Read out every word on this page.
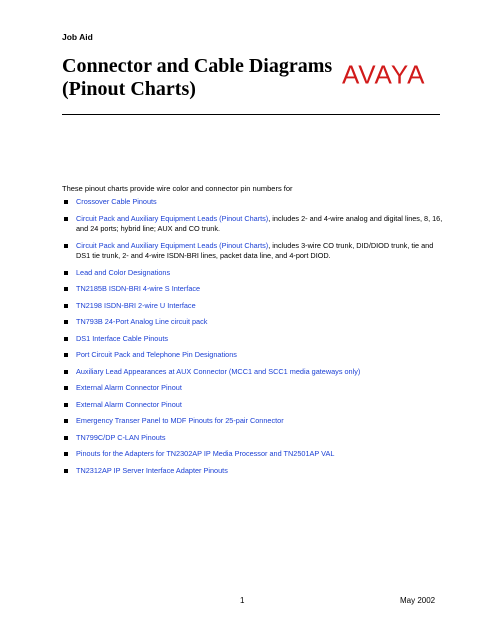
Job Aid
Connector and Cable Diagrams
(Pinout Charts)	AVAYA
These pinout charts provide wire color and connector pin numbers for
Crossover Cable Pinouts
Circuit Pack and Auxiliary Equipment Leads (Pinout Charts), includes 2- and 4-wire analog and digital lines, 8, 16, and 24 ports; hybrid line; AUX and CO trunk.
Circuit Pack and Auxiliary Equipment Leads (Pinout Charts), includes 3-wire CO trunk, DID/DIOD trunk, tie and DS1 tie trunk, 2- and 4-wire ISDN-BRI lines, packet data line, and 4-port DIOD.
Lead and Color Designations
TN2185B ISDN-BRI 4-wire S Interface
TN2198 ISDN-BRI 2-wire U Interface
TN793B 24-Port Analog Line circuit pack
DS1 Interface Cable Pinouts
Port Circuit Pack and Telephone Pin Designations
Auxiliary Lead Appearances at AUX Connector (MCC1 and SCC1 media gateways only)
External Alarm Connector Pinout
External Alarm Connector Pinout
Emergency Transer Panel to MDF Pinouts for 25-pair Connector
TN799C/DP C-LAN Pinouts
Pinouts for the Adapters for TN2302AP IP Media Processor and TN2501AP VAL
TN2312AP IP Server Interface Adapter Pinouts
1	May 2002
